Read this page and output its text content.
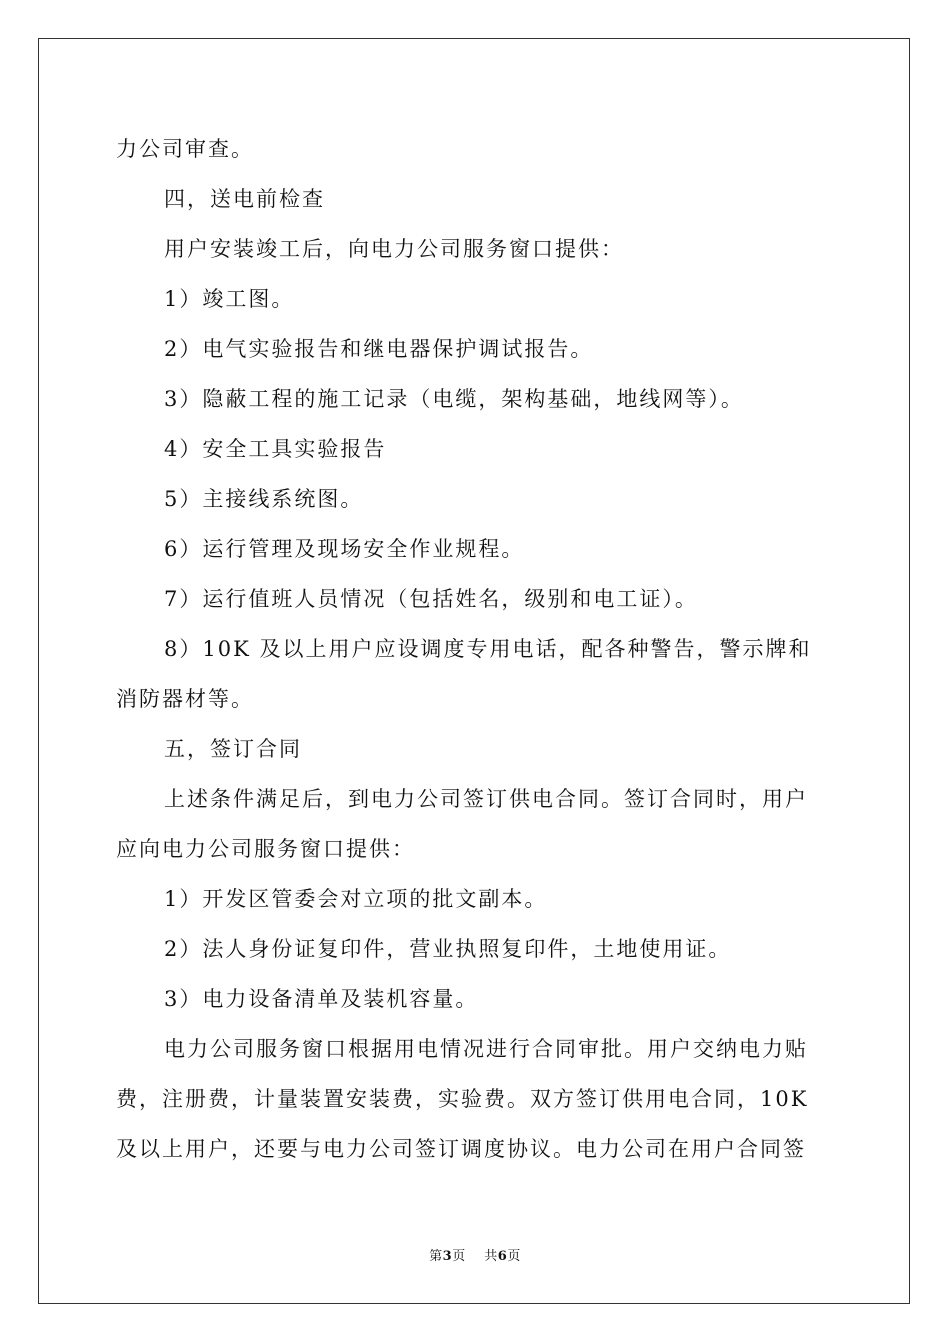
力公司审查。
四，送电前检查
用户安装竣工后，向电力公司服务窗口提供：
1）竣工图。
2）电气实验报告和继电器保护调试报告。
3）隐蔽工程的施工记录（电缆，架构基础，地线网等）。
4）安全工具实验报告
5）主接线系统图。
6）运行管理及现场安全作业规程。
7）运行值班人员情况（包括姓名，级别和电工证）。
8）10K 及以上用户应设调度专用电话，配各种警告，警示牌和
消防器材等。
五，签订合同
上述条件满足后，到电力公司签订供电合同。签订合同时，用户
应向电力公司服务窗口提供：
1）开发区管委会对立项的批文副本。
2）法人身份证复印件，营业执照复印件，土地使用证。
3）电力设备清单及装机容量。
电力公司服务窗口根据用电情况进行合同审批。用户交纳电力贴
费，注册费，计量装置安装费，实验费。双方签订供用电合同，10K
及以上用户，还要与电力公司签订调度协议。电力公司在用户合同签
第3页 共6页
